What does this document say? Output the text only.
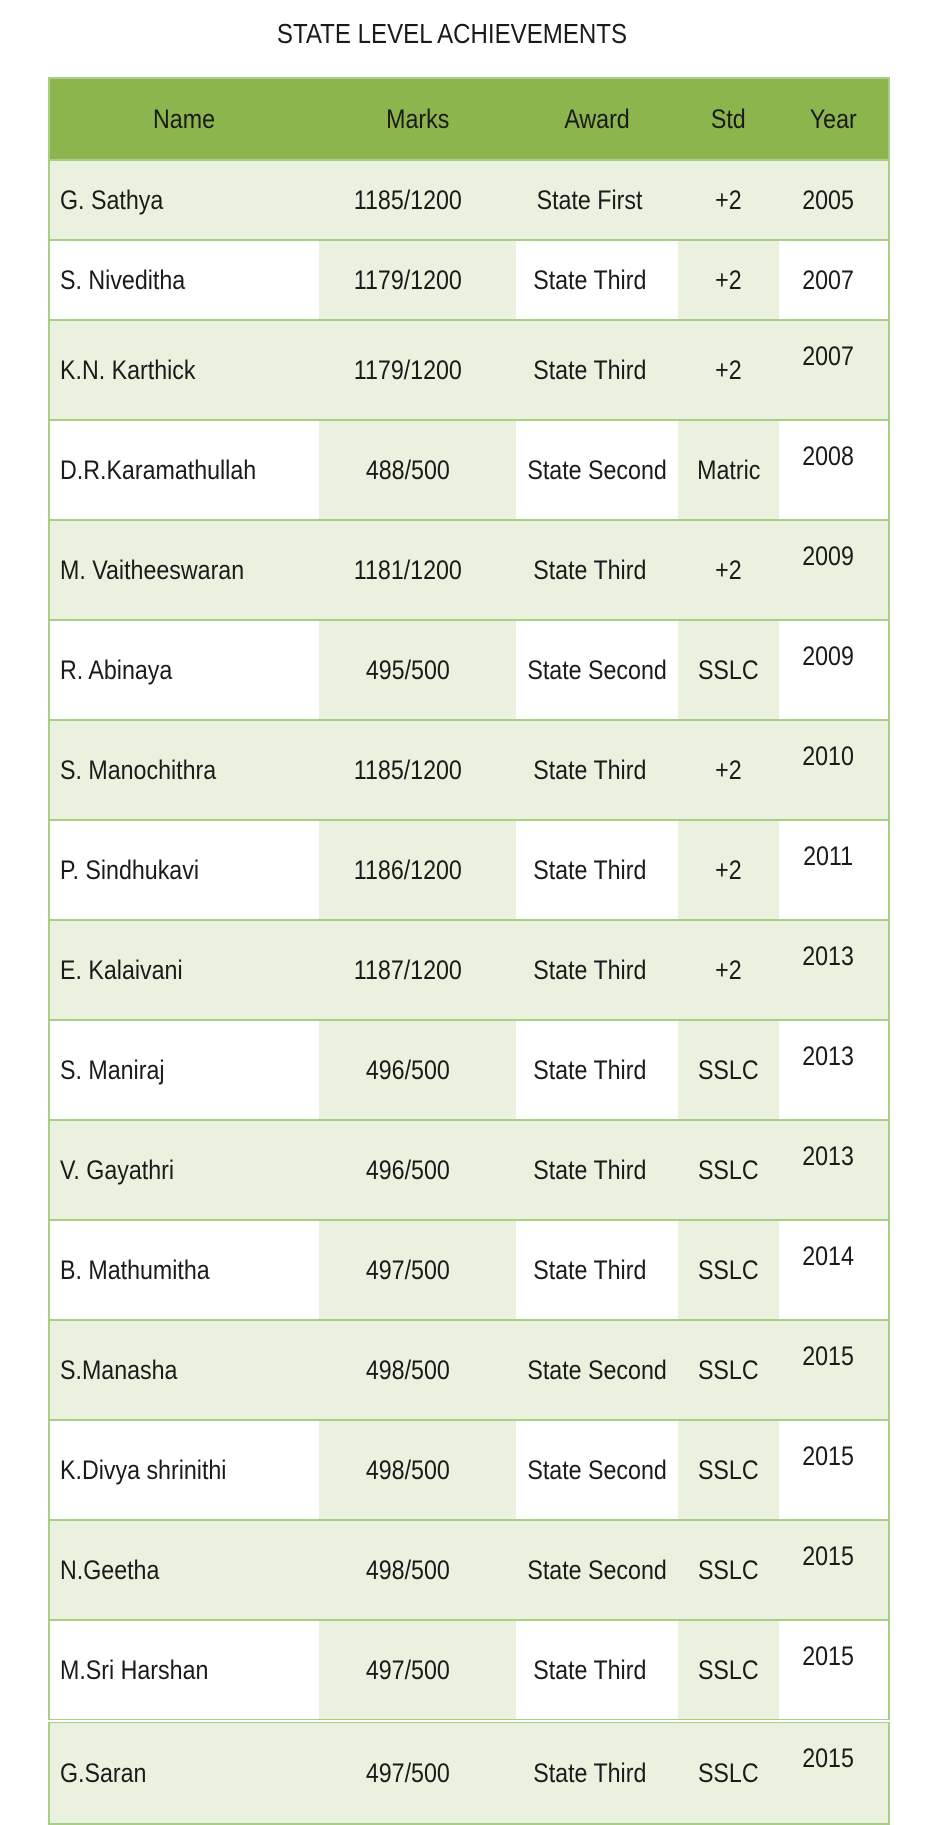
STATE LEVEL ACHIEVEMENTS
Name	Marks	Award	Std	Year
G. Sathya	1185/1200	State First	+2	2005
S. Niveditha	1179/1200	State Third	+2	2007
K.N. Karthick	1179/1200	State Third	+2	2007
D.R.Karamathullah	488/500	State Second	Matric	2008
M. Vaitheeswaran	1181/1200	State Third	+2	2009
R. Abinaya	495/500	State Second	SSLC	2009
S. Manochithra	1185/1200	State Third	+2	2010
P. Sindhukavi	1186/1200	State Third	+2	2011
E. Kalaivani	1187/1200	State Third	+2	2013
S. Maniraj	496/500	State Third	SSLC	2013
V. Gayathri	496/500	State Third	SSLC	2013
B. Mathumitha	497/500	State Third	SSLC	2014
S.Manasha	498/500	State Second	SSLC	2015
K.Divya shrinithi	498/500	State Second	SSLC	2015
N.Geetha	498/500	State Second	SSLC	2015
M.Sri Harshan	497/500	State Third	SSLC	2015
G.Saran	497/500	State Third	SSLC	2015
